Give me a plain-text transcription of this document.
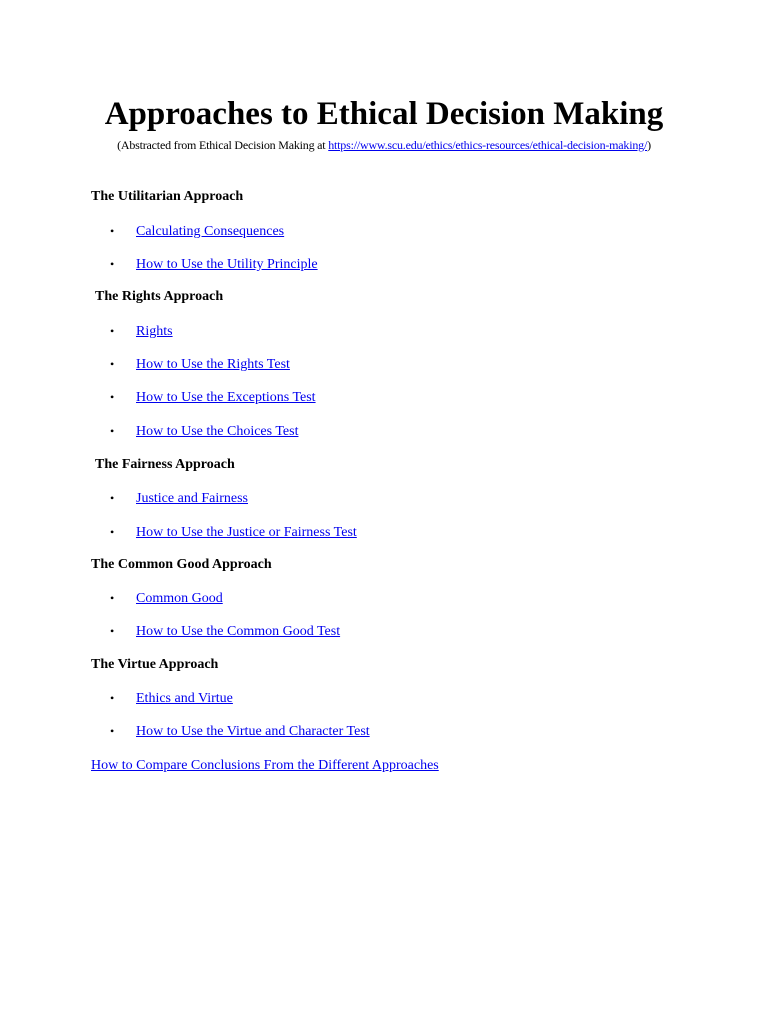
Approaches to Ethical Decision Making
(Abstracted from Ethical Decision Making at https://www.scu.edu/ethics/ethics-resources/ethical-decision-making/)
The Utilitarian Approach
• Calculating Consequences
• How to Use the Utility Principle
The Rights Approach
• Rights
• How to Use the Rights Test
• How to Use the Exceptions Test
• How to Use the Choices Test
The Fairness Approach
• Justice and Fairness
• How to Use the Justice or Fairness Test
The Common Good Approach
• Common Good
• How to Use the Common Good Test
The Virtue Approach
• Ethics and Virtue
• How to Use the Virtue and Character Test
How to Compare Conclusions From the Different Approaches
